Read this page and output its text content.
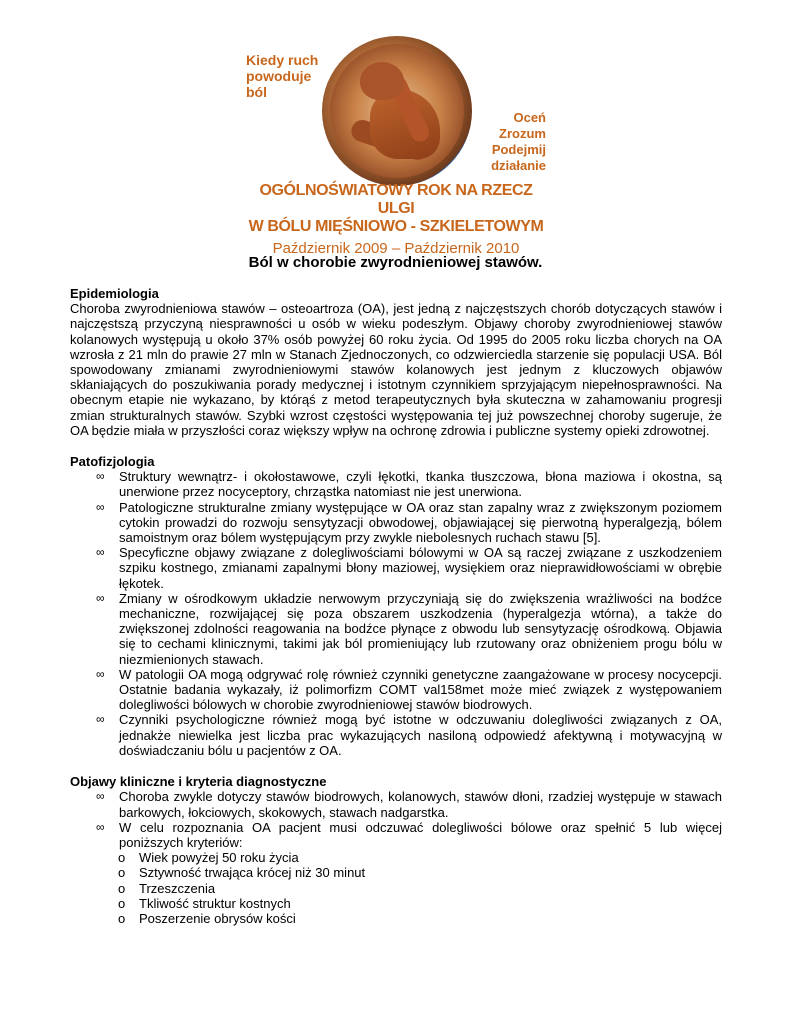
Kiedy ruch
powoduje
ból
Oceń
Zrozum
Podejmij
działanie
OGÓLNOŚWIATOWY ROK NA RZECZ ULGI
W BÓLU MIĘŚNIOWO - SZKIELETOWYM
Październik 2009 – Październik 2010
Ból w chorobie zwyrodnieniowej stawów.

Epidemiologia

Choroba zwyrodnieniowa stawów – osteoartroza (OA), jest jedną z najczęstszych chorób dotyczących stawów i najczęstszą przyczyną niesprawności u osób w wieku podeszłym. Objawy choroby zwyrodnieniowej stawów kolanowych występują u około 37% osób powyżej 60 roku życia. Od 1995 do 2005 roku liczba chorych na OA wzrosła z 21 mln do prawie 27 mln w Stanach Zjednoczonych, co odzwierciedla starzenie się populacji USA. Ból spowodowany zmianami zwyrodnieniowymi stawów kolanowych jest jednym z kluczowych objawów skłaniających do poszukiwania porady medycznej i istotnym czynnikiem sprzyjającym niepełnosprawności. Na obecnym etapie nie wykazano, by którąś z metod terapeutycznych była skuteczna w zahamowaniu progresji zmian strukturalnych stawów. Szybki wzrost częstości występowania tej już powszechnej choroby sugeruje, że OA będzie miała w przyszłości coraz większy wpływ na ochronę zdrowia i publiczne systemy opieki zdrowotnej.

Patofizjologia

∞ Struktury wewnątrz- i okołostawowe, czyli łękotki, tkanka tłuszczowa, błona maziowa i okostna, są unerwione przez nocyceptory, chrząstka natomiast nie jest unerwiona.
∞ Patologiczne strukturalne zmiany występujące w OA oraz stan zapalny wraz z zwiększonym poziomem cytokin prowadzi do rozwoju sensytyzacji obwodowej, objawiającej się pierwotną hyperalgezją, bólem samoistnym oraz bólem występującym przy zwykle niebolesnych ruchach stawu [5].
∞ Specyficzne objawy związane z dolegliwościami bólowymi w OA są raczej związane z uszkodzeniem szpiku kostnego, zmianami zapalnymi błony maziowej, wysiękiem oraz nieprawidłowościami w obrębie łękotek.
∞ Zmiany w ośrodkowym układzie nerwowym przyczyniają się do zwiększenia wrażliwości na bodźce mechaniczne, rozwijającej się poza obszarem uszkodzenia (hyperalgezja wtórna), a także do zwiększonej zdolności reagowania na bodźce płynące z obwodu lub sensytyzację ośrodkową. Objawia się to cechami klinicznymi, takimi jak ból promieniujący lub rzutowany oraz obniżeniem progu bólu w niezmienionych stawach.
∞ W patologii OA mogą odgrywać rolę również czynniki genetyczne zaangażowane w procesy nocycepcji. Ostatnie badania wykazały, iż polimorfizm COMT val158met może mieć związek z występowaniem dolegliwości bólowych w chorobie zwyrodnieniowej stawów biodrowych.
∞ Czynniki psychologiczne również mogą być istotne w odczuwaniu dolegliwości związanych z OA, jednakże niewielka jest liczba prac wykazujących nasiloną odpowiedź afektywną i motywacyjną w doświadczaniu bólu u pacjentów z OA.

Objawy kliniczne i kryteria diagnostyczne

∞ Choroba zwykle dotyczy stawów biodrowych, kolanowych, stawów dłoni, rzadziej występuje w stawach barkowych, łokciowych, skokowych, stawach nadgarstka.
∞ W celu rozpoznania OA pacjent musi odczuwać dolegliwości bólowe oraz spełnić 5 lub więcej poniższych kryteriów:
o Wiek powyżej 50 roku życia
o Sztywność trwająca krócej niż 30 minut
o Trzeszczenia
o Tkliwość struktur kostnych
o Poszerzenie obrysów kości
